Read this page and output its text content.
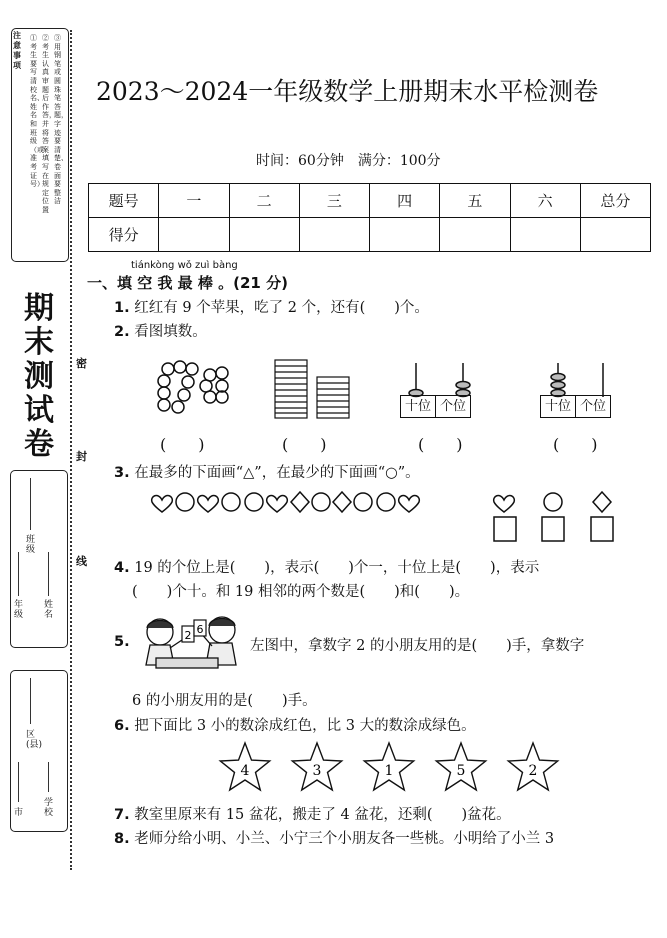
注意事项
①考生要写清校名、姓名和班级（或准考证号）
②考生认真审题后作答，并将答案填写在规定位置
③用钢笔或圆珠笔答题，字迹要清楚、卷面要整洁
期末测试卷
密
封
线
班级
年级
姓名
区(县)
市
学校
2023～2024一年级数学上册期末水平检测卷
时间：60分钟　满分：100分
题号	一	二	三	四	五	六	总分
得分							
tiánkòng wǒ zuì bàng
一、填 空 我 最 棒 。(21 分)
1. 红红有 9 个苹果，吃了 2 个，还有(　　)个。
2. 看图填数。
十位 个位	十位 个位
(　　)	(　　)	(　　)	(　　)
3. 在最多的下面画“△”，在最少的下面画“○”。
4. 19 的个位上是(　　)，表示(　　)个一，十位上是(　　)，表示
(　　)个十。和 19 相邻的两个数是(　　)和(　　)。
5.	2 6
左图中，拿数字 2 的小朋友用的是(　　)手，拿数字
6 的小朋友用的是(　　)手。
6. 把下面比 3 小的数涂成红色，比 3 大的数涂成绿色。
4	3	1	5	2
7. 教室里原来有 15 盆花，搬走了 4 盆花，还剩(　　)盆花。
8. 老师分给小明、小兰、小宁三个小朋友各一些桃。小明给了小兰 3
